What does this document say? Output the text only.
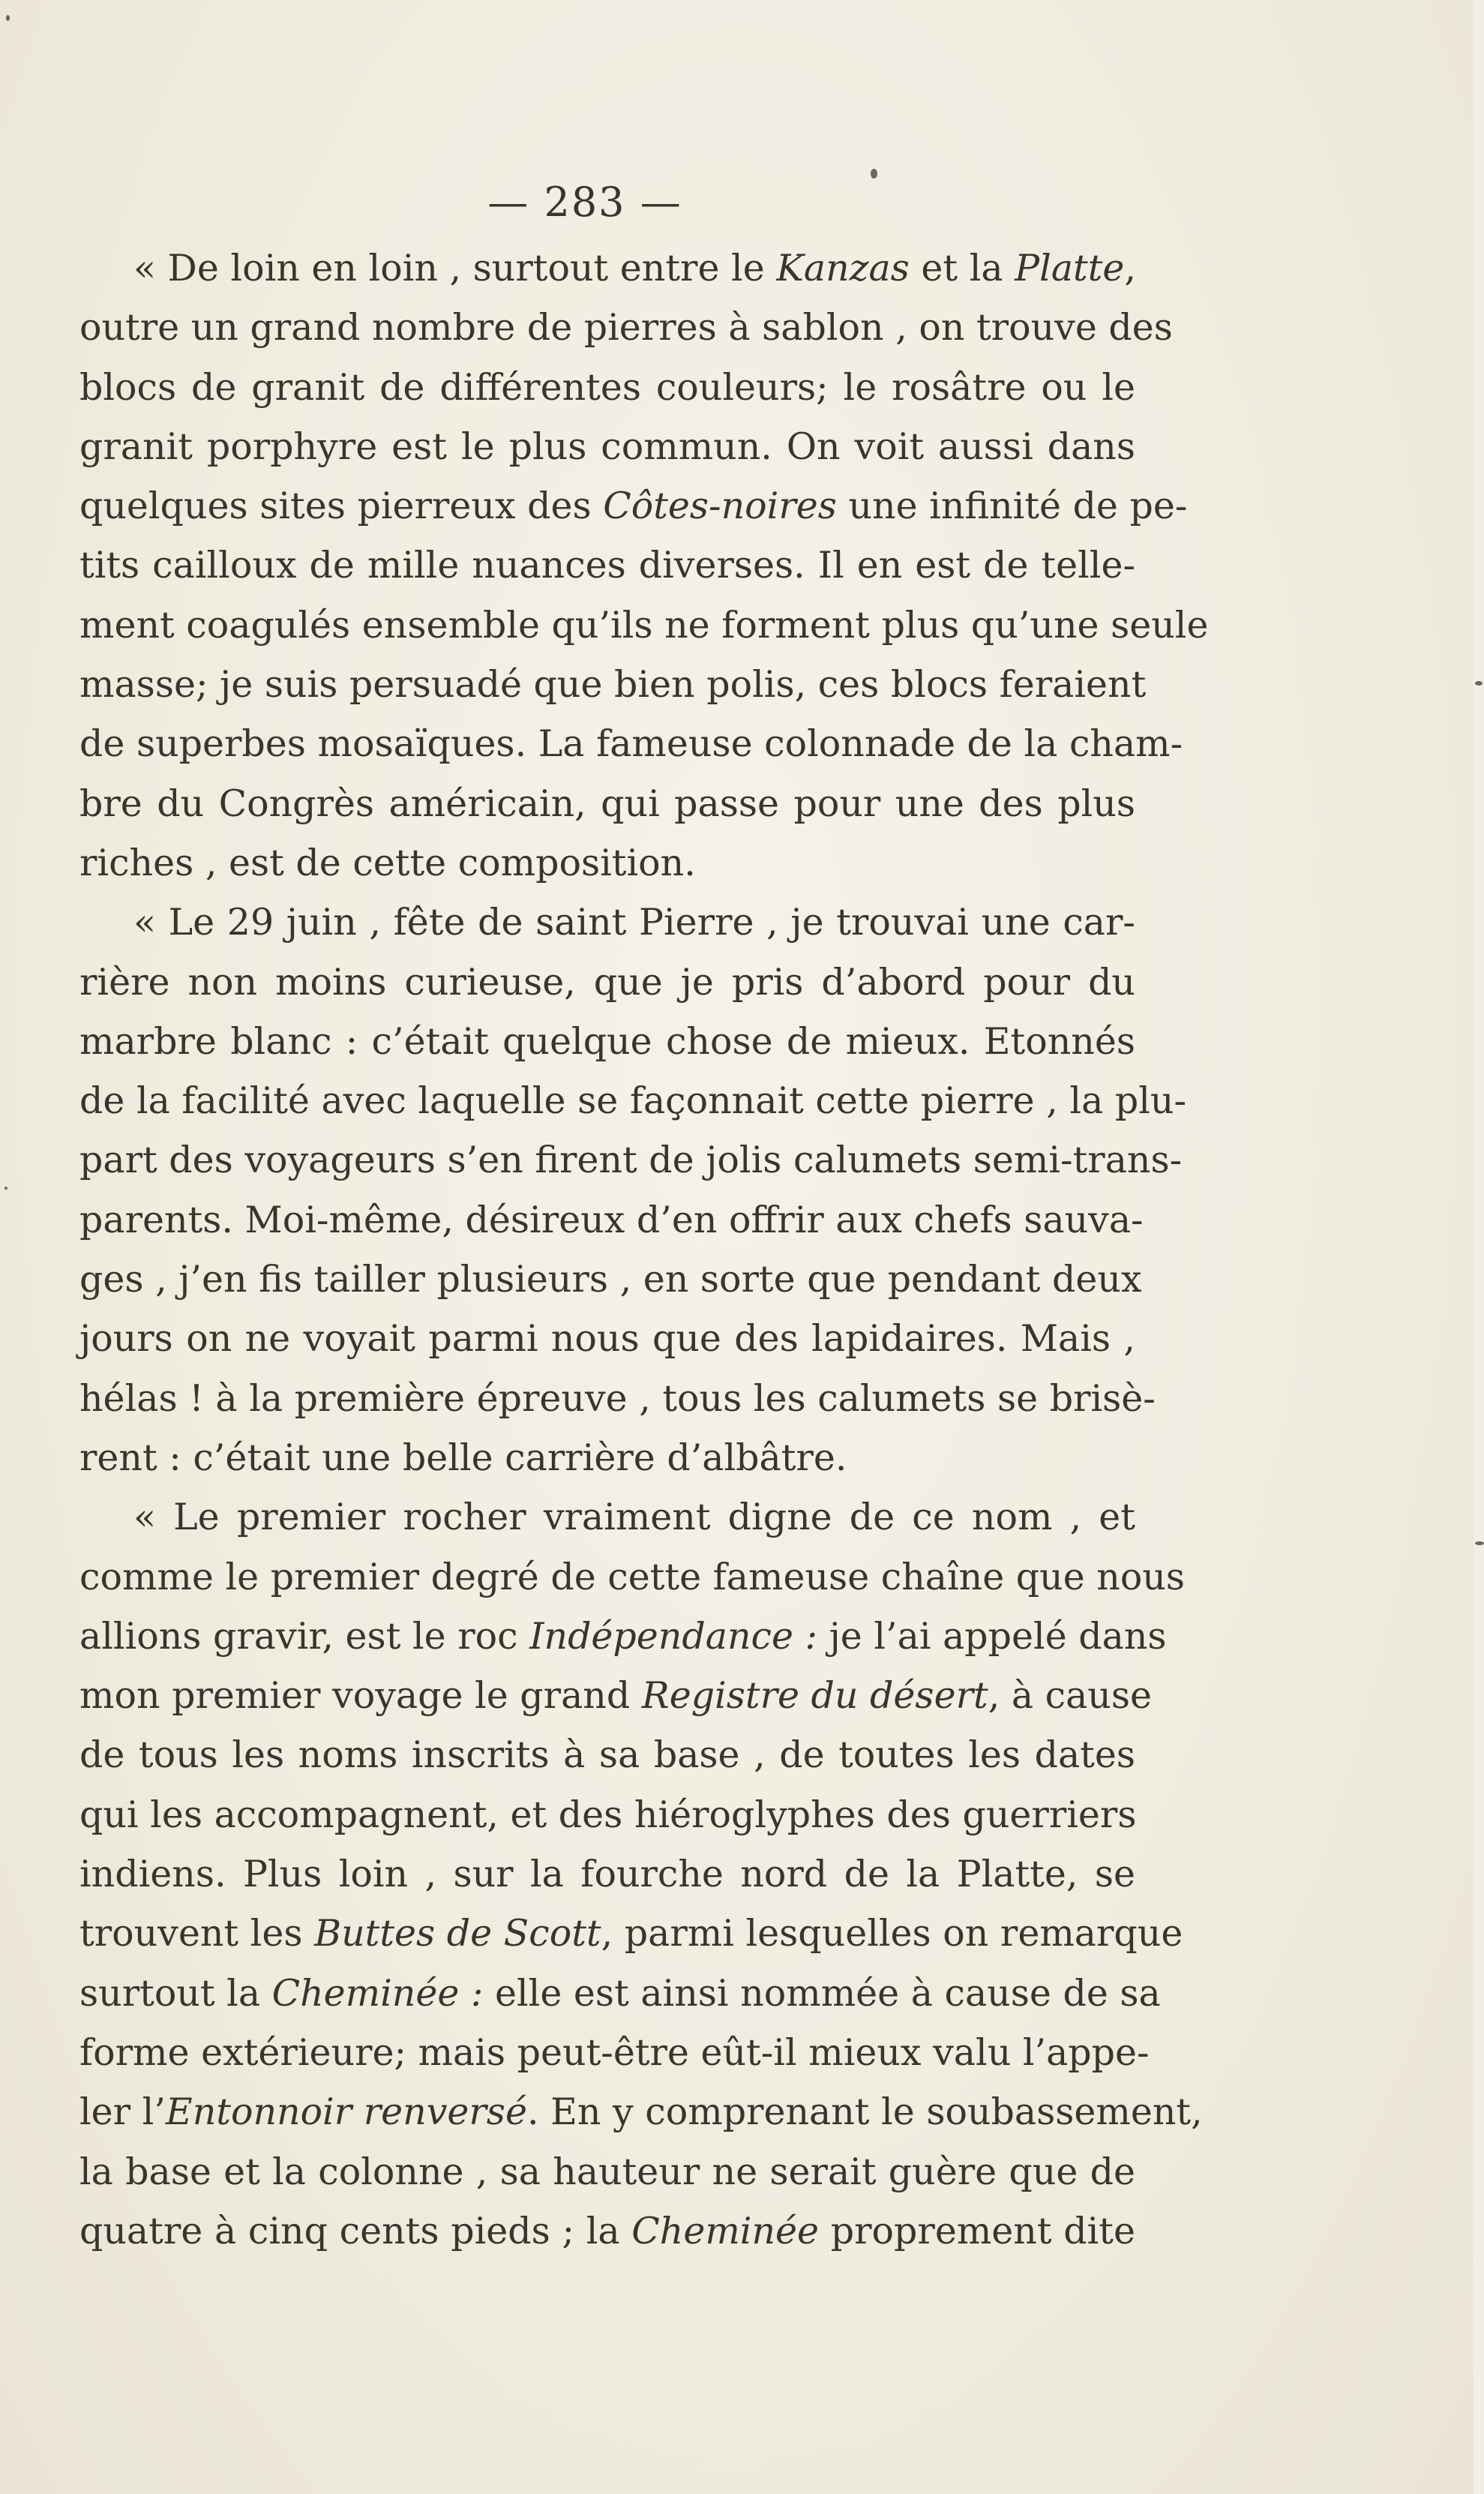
— 283 —
« De loin en loin , surtout entre le Kanzas et la Platte,
outre un grand nombre de pierres à sablon , on trouve des
blocs de granit de différentes couleurs; le rosâtre ou le
granit porphyre est le plus commun. On voit aussi dans
quelques sites pierreux des Côtes-noires une infinité de pe-
tits cailloux de mille nuances diverses. Il en est de telle-
ment coagulés ensemble qu’ils ne forment plus qu’une seule
masse; je suis persuadé que bien polis, ces blocs feraient
de superbes mosaïques. La fameuse colonnade de la cham-
bre du Congrès américain, qui passe pour une des plus
riches , est de cette composition.
« Le 29 juin , fête de saint Pierre , je trouvai une car-
rière non moins curieuse, que je pris d’abord pour du
marbre blanc : c’était quelque chose de mieux. Etonnés
de la facilité avec laquelle se façonnait cette pierre , la plu-
part des voyageurs s’en firent de jolis calumets semi-trans-
parents. Moi-même, désireux d’en offrir aux chefs sauva-
ges , j’en fis tailler plusieurs , en sorte que pendant deux
jours on ne voyait parmi nous que des lapidaires. Mais ,
hélas ! à la première épreuve , tous les calumets se brisè-
rent : c’était une belle carrière d’albâtre.
« Le premier rocher vraiment digne de ce nom , et
comme le premier degré de cette fameuse chaîne que nous
allions gravir, est le roc Indépendance : je l’ai appelé dans
mon premier voyage le grand Registre du désert, à cause
de tous les noms inscrits à sa base , de toutes les dates
qui les accompagnent, et des hiéroglyphes des guerriers
indiens. Plus loin , sur la fourche nord de la Platte, se
trouvent les Buttes de Scott, parmi lesquelles on remarque
surtout la Cheminée : elle est ainsi nommée à cause de sa
forme extérieure; mais peut-être eût-il mieux valu l’appe-
ler l’Entonnoir renversé. En y comprenant le soubassement,
la base et la colonne , sa hauteur ne serait guère que de
quatre à cinq cents pieds ; la Cheminée proprement dite
